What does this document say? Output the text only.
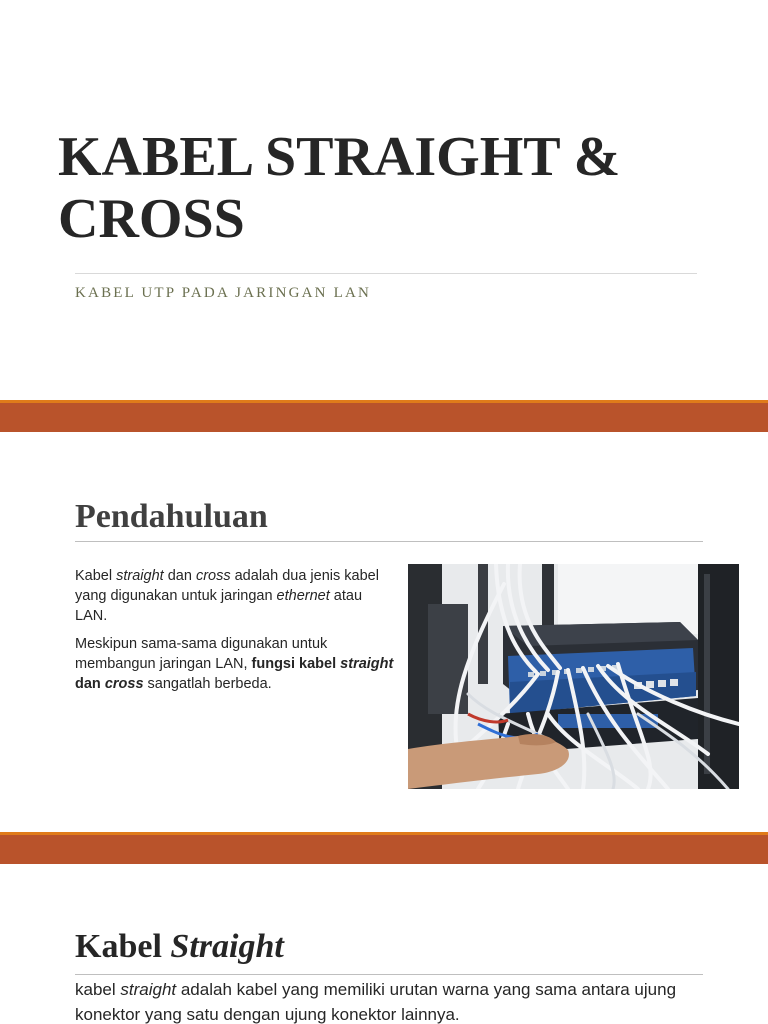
KABEL STRAIGHT &
CROSS

KABEL UTP PADA JARINGAN LAN

Pendahuluan

Kabel straight dan cross adalah dua jenis kabel yang digunakan untuk jaringan ethernet atau LAN.

Meskipun sama-sama digunakan untuk membangun jaringan LAN, fungsi kabel straight dan cross sangatlah berbeda.

Kabel Straight

kabel straight adalah kabel yang memiliki urutan warna yang sama antara ujung konektor yang satu dengan ujung konektor lainnya.
